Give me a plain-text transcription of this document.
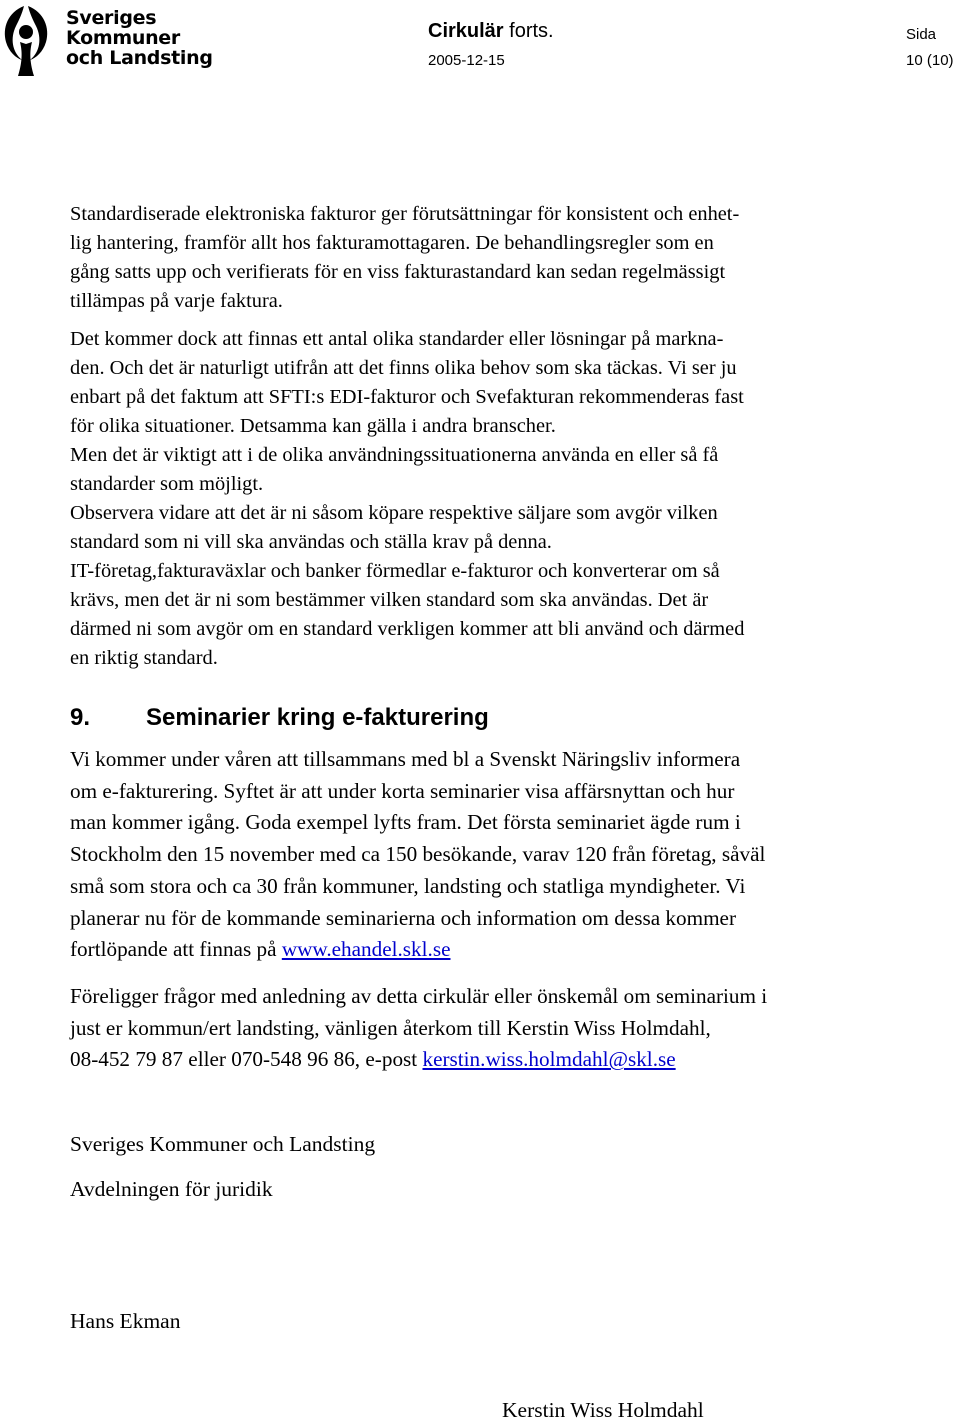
Sveriges
Kommuner
och Landsting
Cirkulär forts.
2005-12-15
Sida
10 (10)
Standardiserade elektroniska fakturor ger förutsättningar för konsistent och enhet-
lig hantering, framför allt hos fakturamottagaren. De behandlingsregler som en
gång satts upp och verifierats för en viss fakturastandard kan sedan regelmässigt
tillämpas på varje faktura.
Det kommer dock att finnas ett antal olika standarder eller lösningar på markna-
den. Och det är naturligt utifrån att det finns olika behov som ska täckas. Vi ser ju
enbart på det faktum att SFTI:s EDI-fakturor och Svefakturan rekommenderas fast
för olika situationer. Detsamma kan gälla i andra branscher.
Men det är viktigt att i de olika användningssituationerna använda en eller så få
standarder som möjligt.
Observera vidare att det är ni såsom köpare respektive säljare som avgör vilken
standard som ni vill ska användas och ställa krav på denna.
IT-företag,fakturaväxlar och banker förmedlar e-fakturor och konverterar om så
krävs, men det är ni som bestämmer vilken standard som ska användas. Det är
därmed ni som avgör om en standard verkligen kommer att bli använd och därmed
en riktig standard.
9. Seminarier kring e-fakturering
Vi kommer under våren att tillsammans med bl a Svenskt Näringsliv informera
om e-fakturering. Syftet är att under korta seminarier visa affärsnyttan och hur
man kommer igång. Goda exempel lyfts fram. Det första seminariet ägde rum i
Stockholm den 15 november med ca 150 besökande, varav 120 från företag, såväl
små som stora och ca 30 från kommuner, landsting och statliga myndigheter. Vi
planerar nu för de kommande seminarierna och information om dessa kommer
fortlöpande att finnas på www.ehandel.skl.se
Föreligger frågor med anledning av detta cirkulär eller önskemål om seminarium i
just er kommun/ert landsting, vänligen återkom till Kerstin Wiss Holmdahl,
08-452 79 87 eller 070-548 96 86, e-post kerstin.wiss.holmdahl@skl.se
Sveriges Kommuner och Landsting
Avdelningen för juridik
Hans Ekman
Kerstin Wiss Holmdahl
